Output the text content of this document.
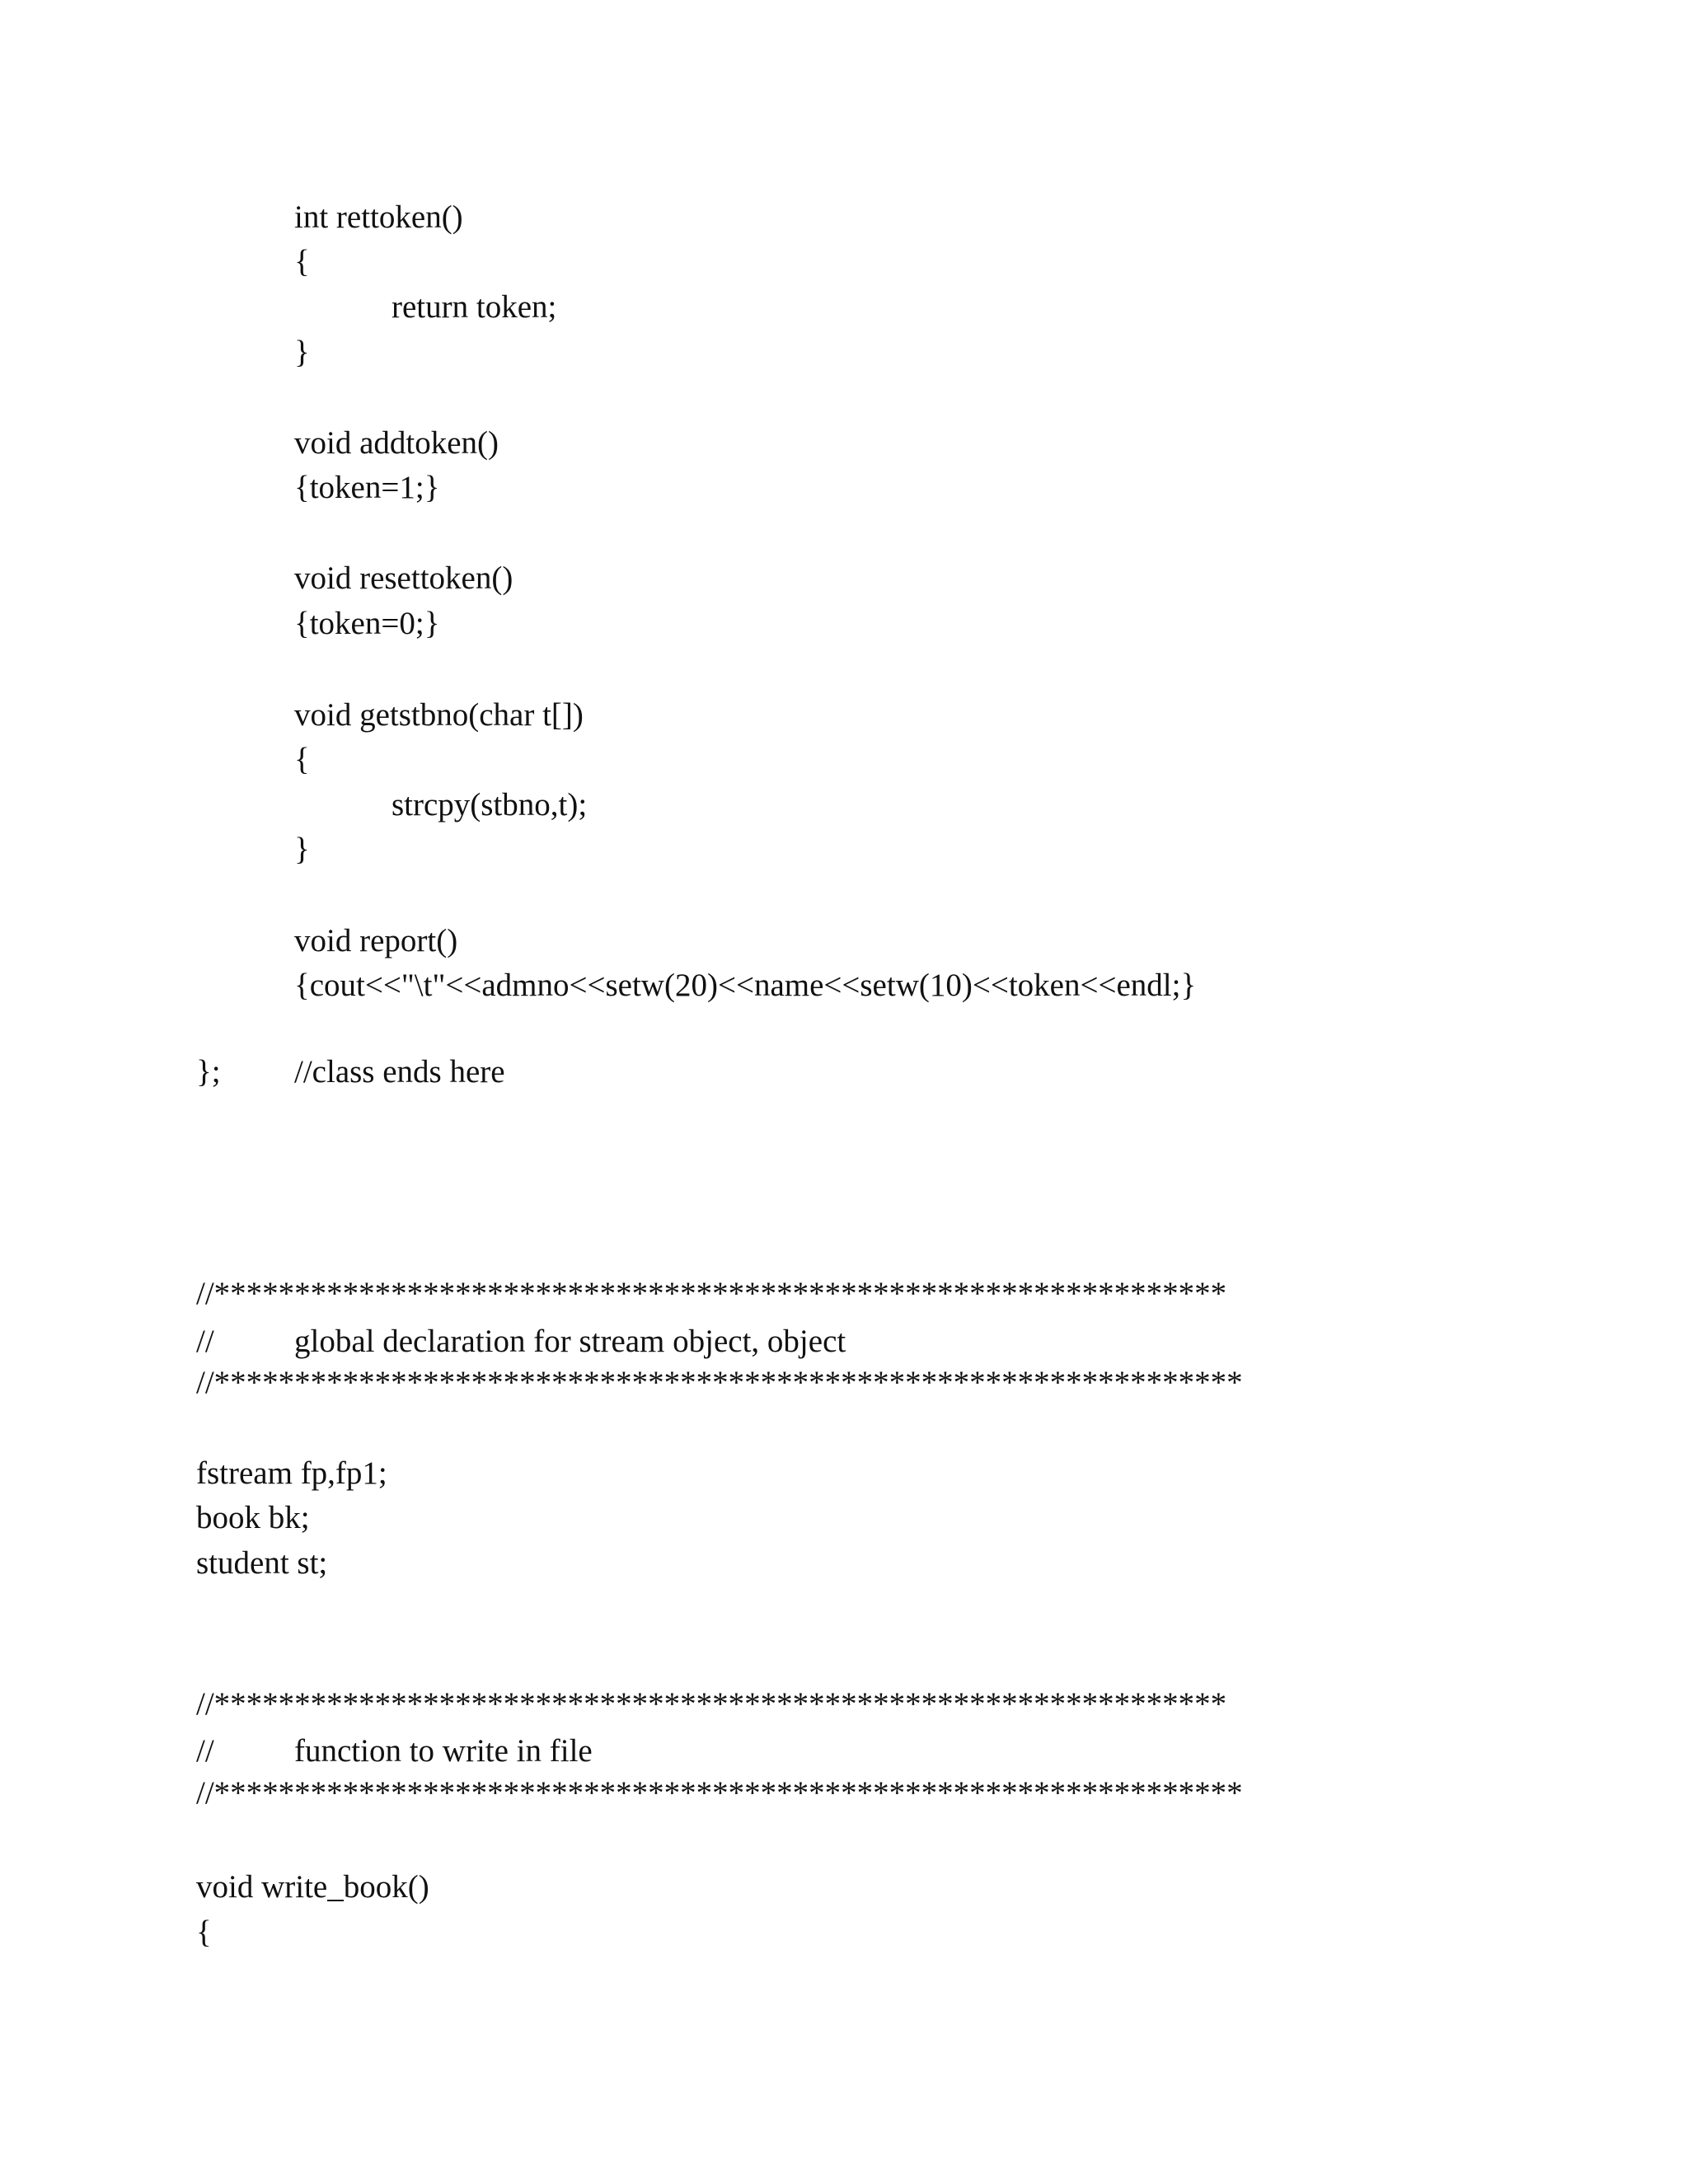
int rettoken()
{
return token;
}
void addtoken()
{token=1;}
void resettoken()
{token=0;}
void getstbno(char t[])
{
strcpy(stbno,t);
}
void report()
{cout<<"\t"<<admno<<setw(20)<<name<<setw(10)<<token<<endl;}
}; //class ends here
//***************************************************************
// global declaration for stream object, object
//****************************************************************
fstream fp,fp1;
book bk;
student st;
//***************************************************************
// function to write in file
//****************************************************************
void write_book()
{
